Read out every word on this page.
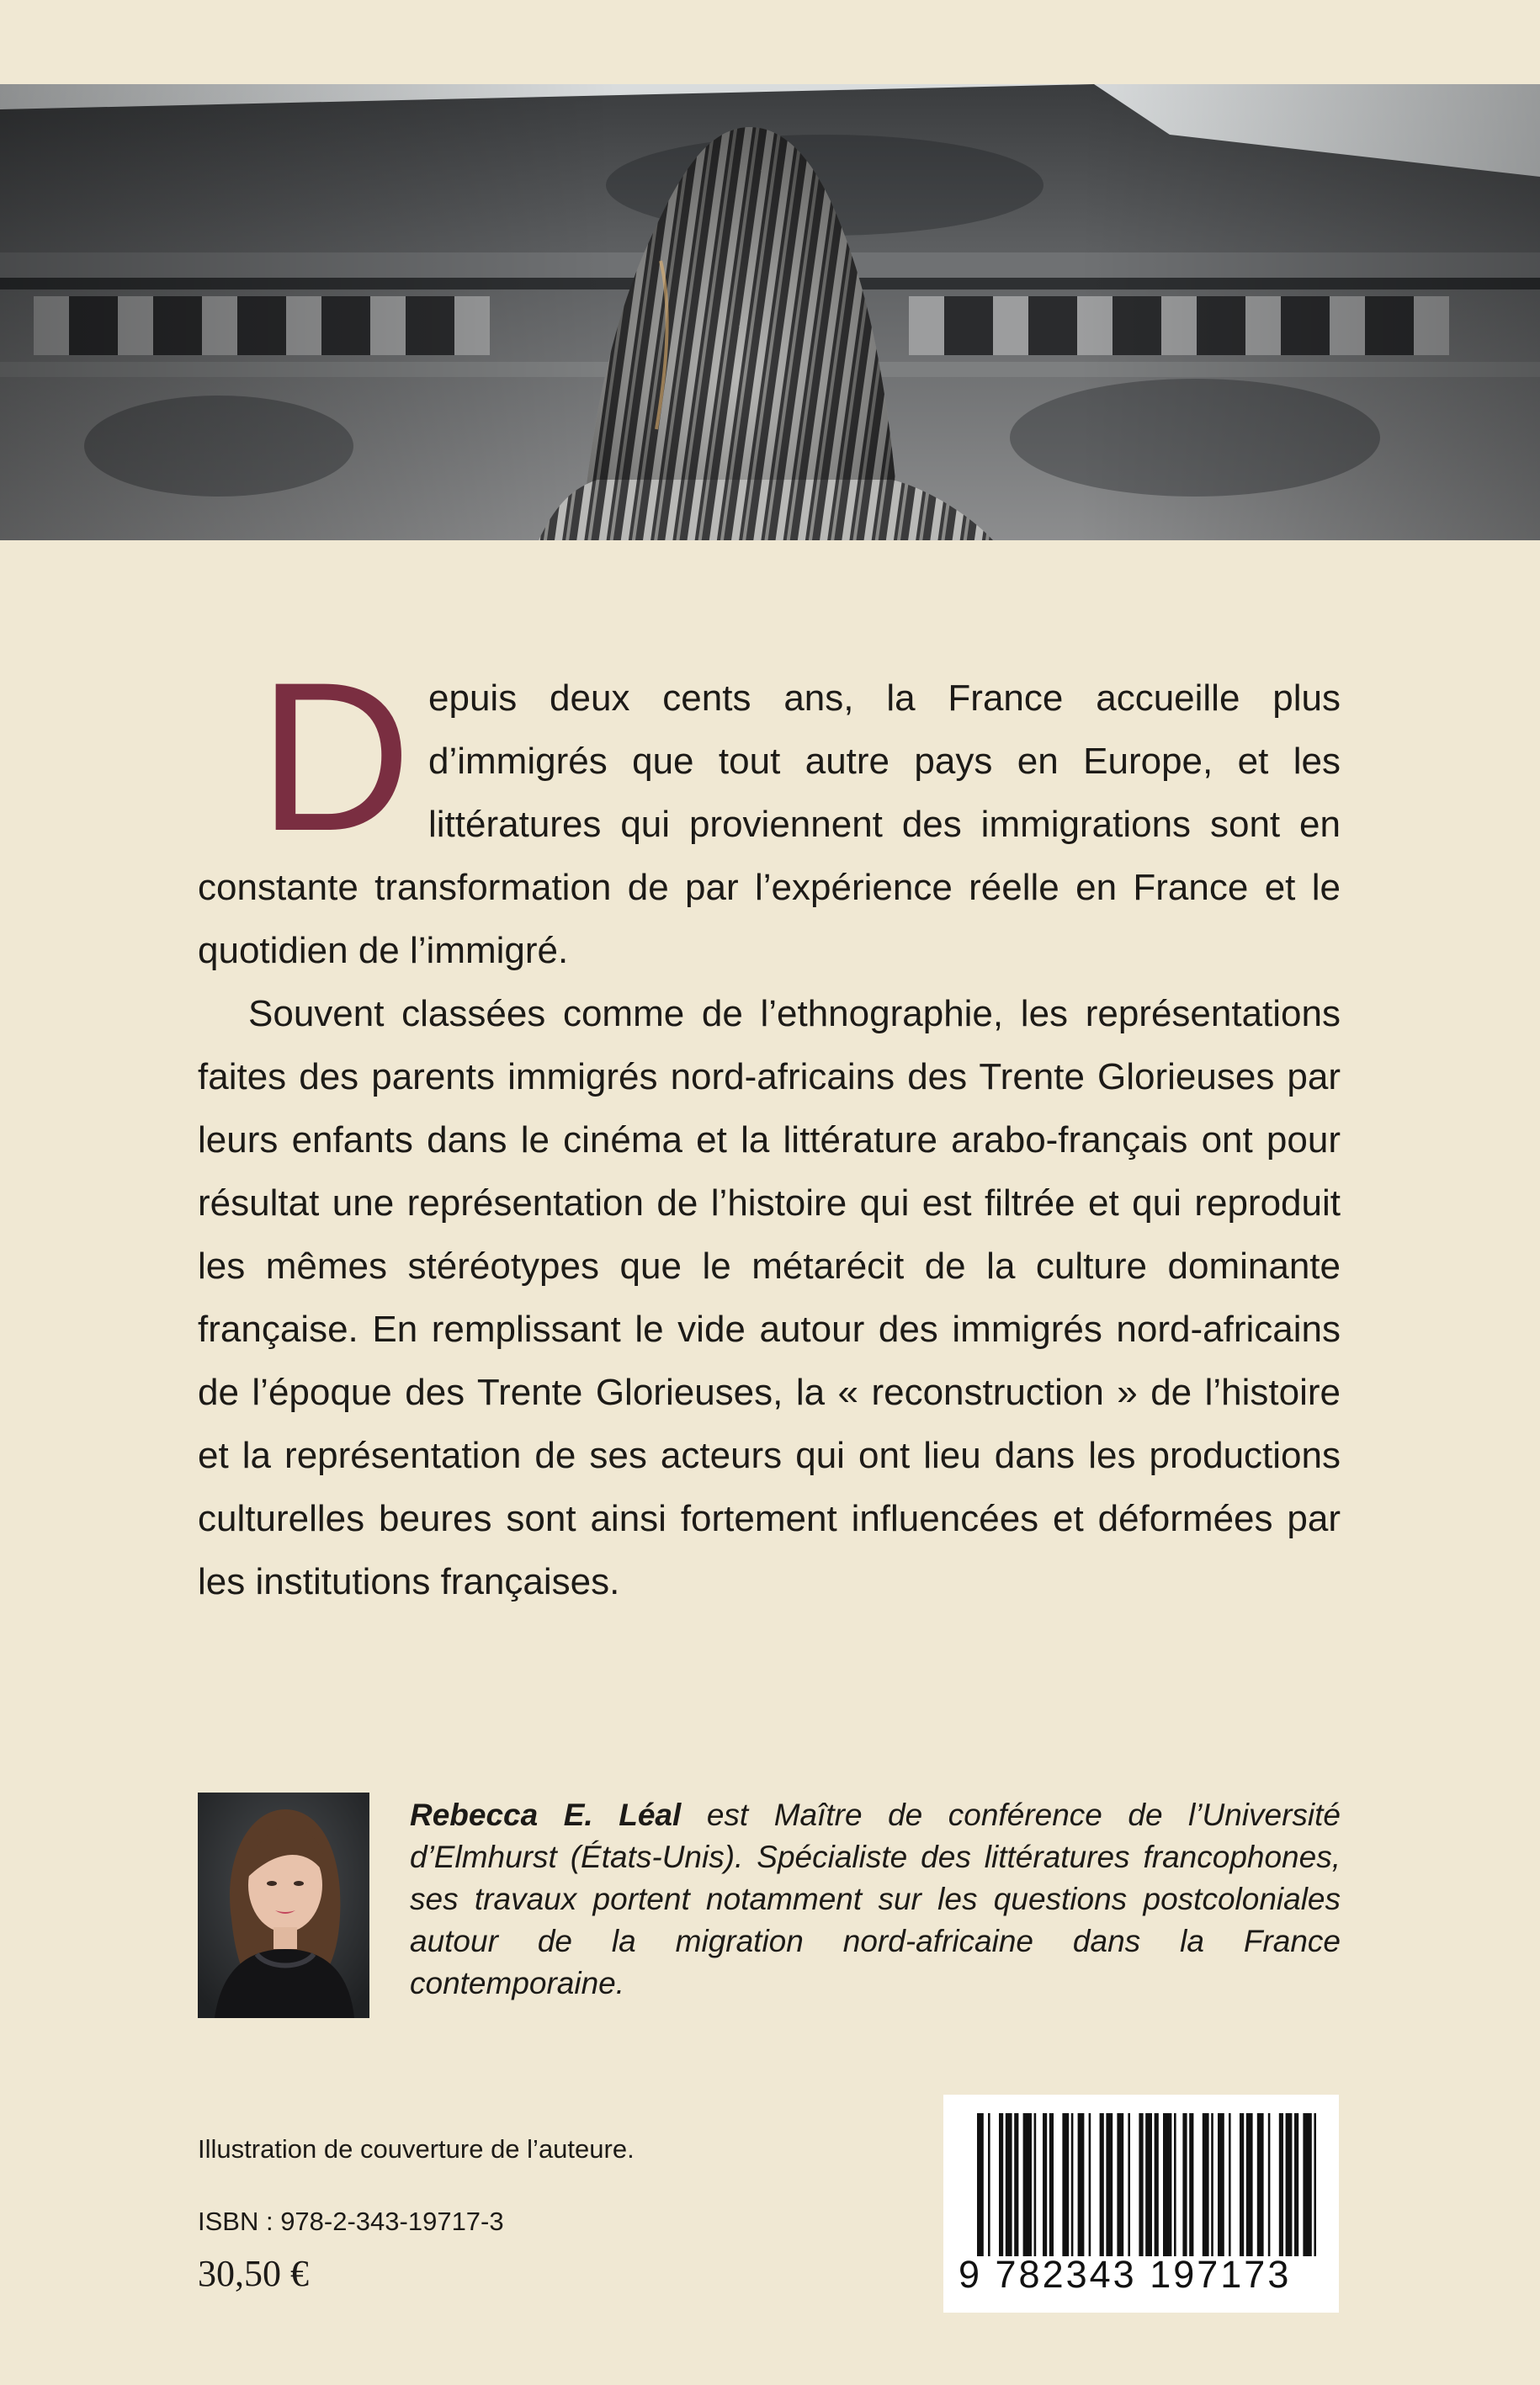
Depuis deux cents ans, la France accueille plus d’immigrés que tout autre pays en Europe, et les littératures qui proviennent des immigrations sont en constante transformation de par l’expérience réelle en France et le quotidien de l’immigré.

Souvent classées comme de l’ethnographie, les représentations faites des parents immigrés nord-africains des Trente Glorieuses par leurs enfants dans le cinéma et la littérature arabo-français ont pour résultat une représentation de l’histoire qui est filtrée et qui reproduit les mêmes stéréotypes que le métarécit de la culture dominante française. En remplissant le vide autour des immigrés nord-africains de l’époque des Trente Glorieuses, la « reconstruction » de l’histoire et la représentation de ses acteurs qui ont lieu dans les productions culturelles beures sont ainsi fortement influencées et déformées par les institutions françaises.

Rebecca E. Léal est Maître de conférence de l’Université d’Elmhurst (États-Unis). Spécialiste des littératures francophones, ses travaux portent notamment sur les questions postcoloniales autour de la migration nord-africaine dans la France contemporaine.

Illustration de couverture de l’auteure.

ISBN : 978-2-343-19717-3

30,50 €	9 782343 197173
